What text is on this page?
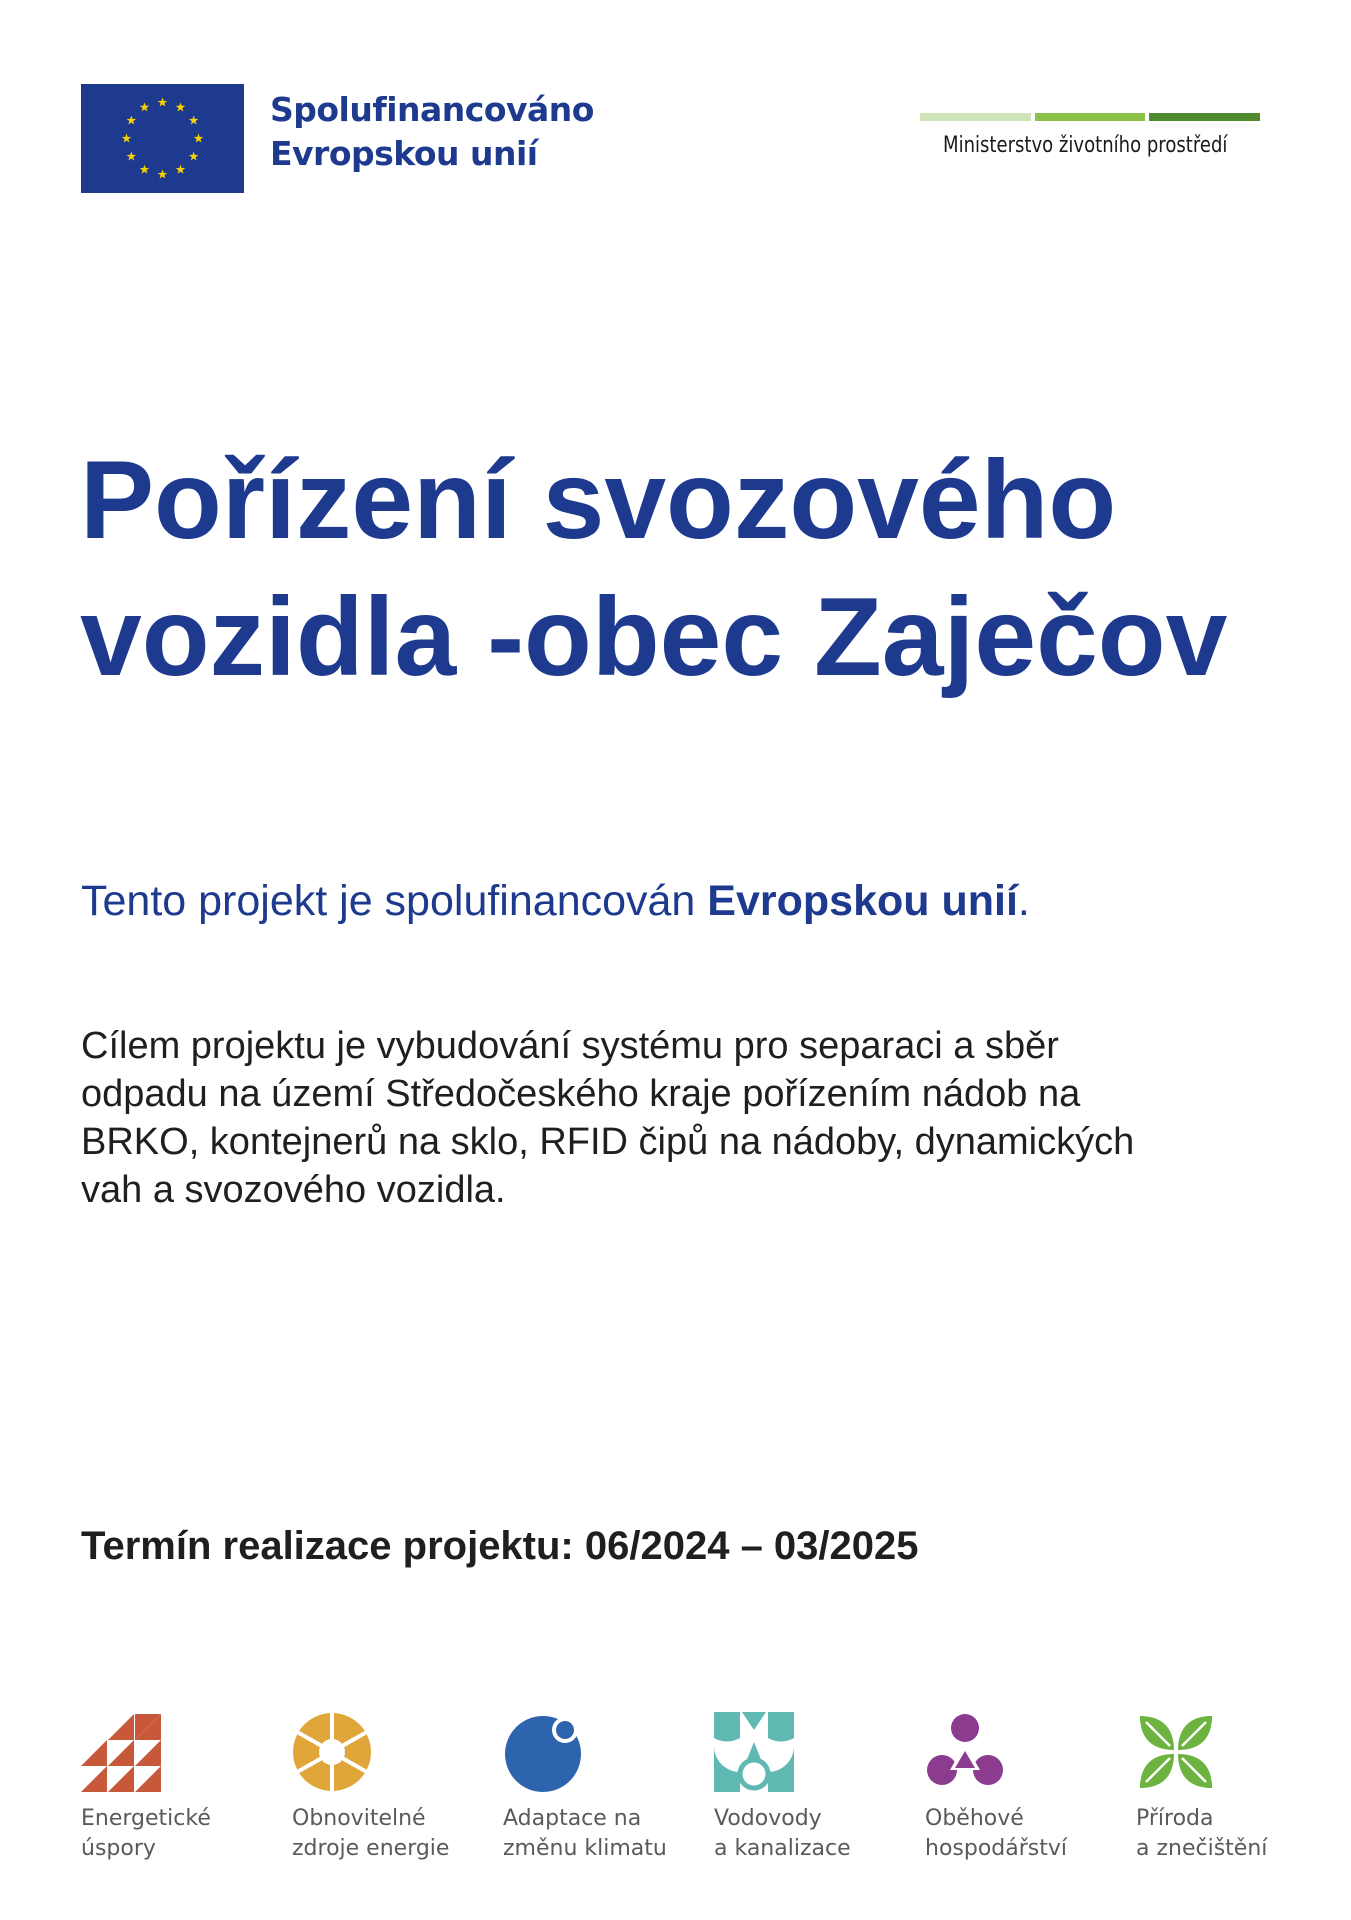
Spolufinancováno
Evropskou unií	Ministerstvo životního prostředí
Pořízení svozového
vozidla -obec Zaječov
Tento projekt je spolufinancován Evropskou unií.
Cílem projektu je vybudování systému pro separaci a sběr
odpadu na území Středočeského kraje pořízením nádob na
BRKO, kontejnerů na sklo, RFID čipů na nádoby, dynamických
vah a svozového vozidla.
Termín realizace projektu: 06/2024 – 03/2025
Energetické
úspory
Obnovitelné
zdroje energie
Adaptace na
změnu klimatu
Vodovody
a kanalizace
Oběhové
hospodářství
Příroda
a znečištění
